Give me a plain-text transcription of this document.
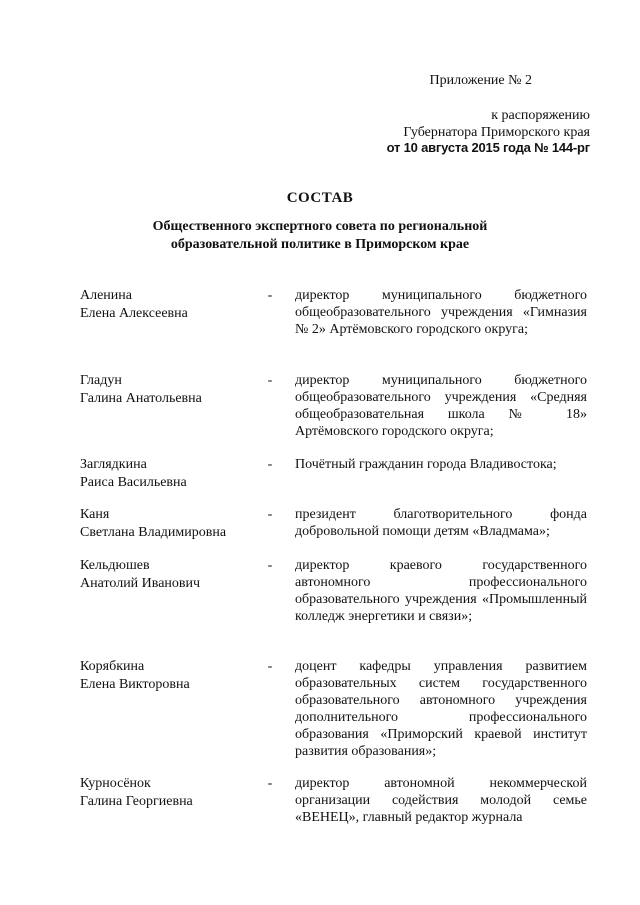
Приложение № 2
к распоряжению
Губернатора Приморского края
от 10 августа 2015 года № 144-рг
СОСТАВ
Общественного экспертного совета по региональной образовательной политике в Приморском крае
Аленина
Елена Алексеевна
- директор муниципального бюджетного общеобразовательного учреждения «Гимназия № 2» Артёмовского городского округа;
Гладун
Галина Анатольевна
- директор муниципального бюджетного общеобразовательного учреждения «Средняя общеобразовательная школа № 18» Артёмовского городского округа;
Заглядкина
Раиса Васильевна
- Почётный гражданин города Владивостока;
Каня
Светлана Владимировна
- президент благотворительного фонда добровольной помощи детям «Владмама»;
Кельдюшев
Анатолий Иванович
- директор краевого государственного автономного профессионального образовательного учреждения «Промышленный колледж энергетики и связи»;
Корябкина
Елена Викторовна
- доцент кафедры управления развитием образовательных систем государственного образовательного автономного учреждения дополнительного профессионального образования «Приморский краевой институт развития образования»;
Курносёнок
Галина Георгиевна
- директор автономной некоммерческой организации содействия молодой семье «ВЕНЕЦ», главный редактор журнала
